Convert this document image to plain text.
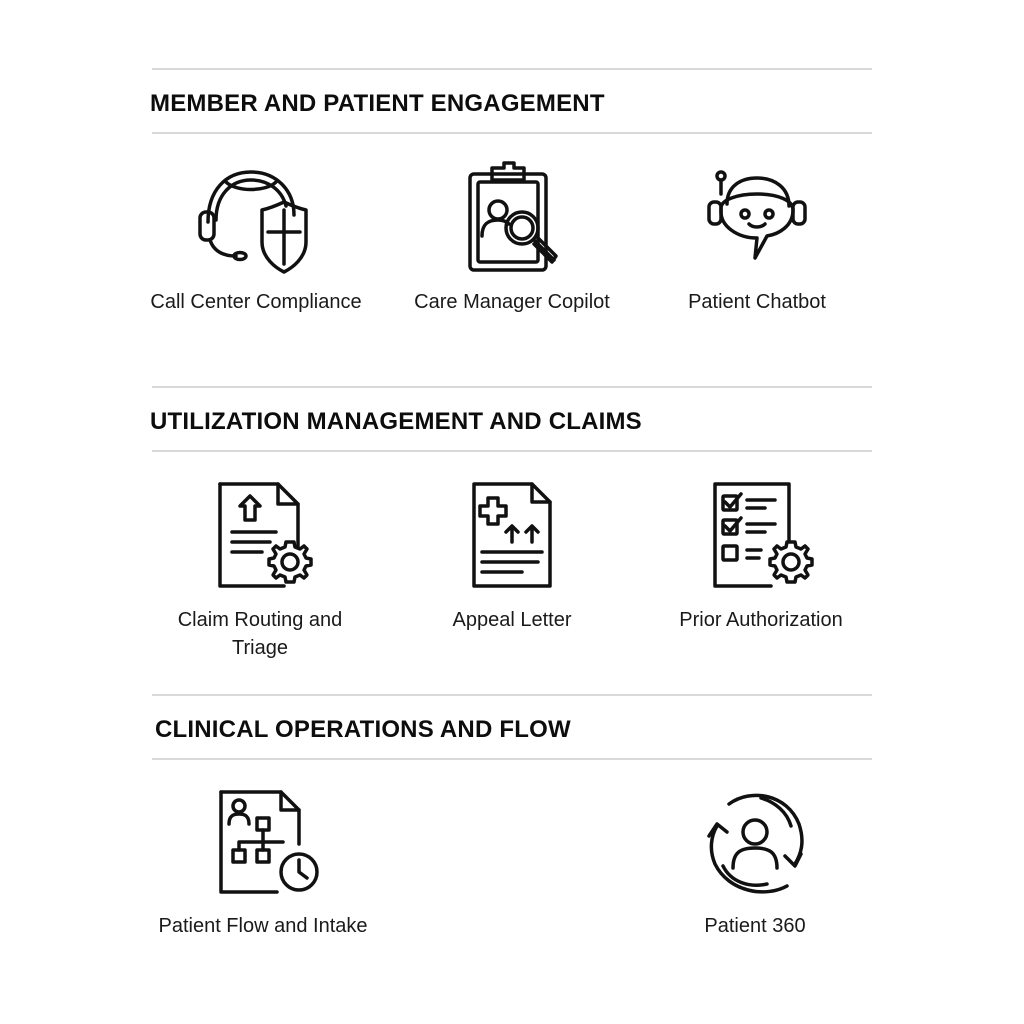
MEMBER AND PATIENT ENGAGEMENT
Call Center Compliance	Care Manager Copilot	Patient Chatbot
UTILIZATION MANAGEMENT AND CLAIMS
Claim Routing and Triage
Appeal Letter	Prior Authorization
CLINICAL OPERATIONS AND FLOW
Patient Flow and Intake	Patient 360
